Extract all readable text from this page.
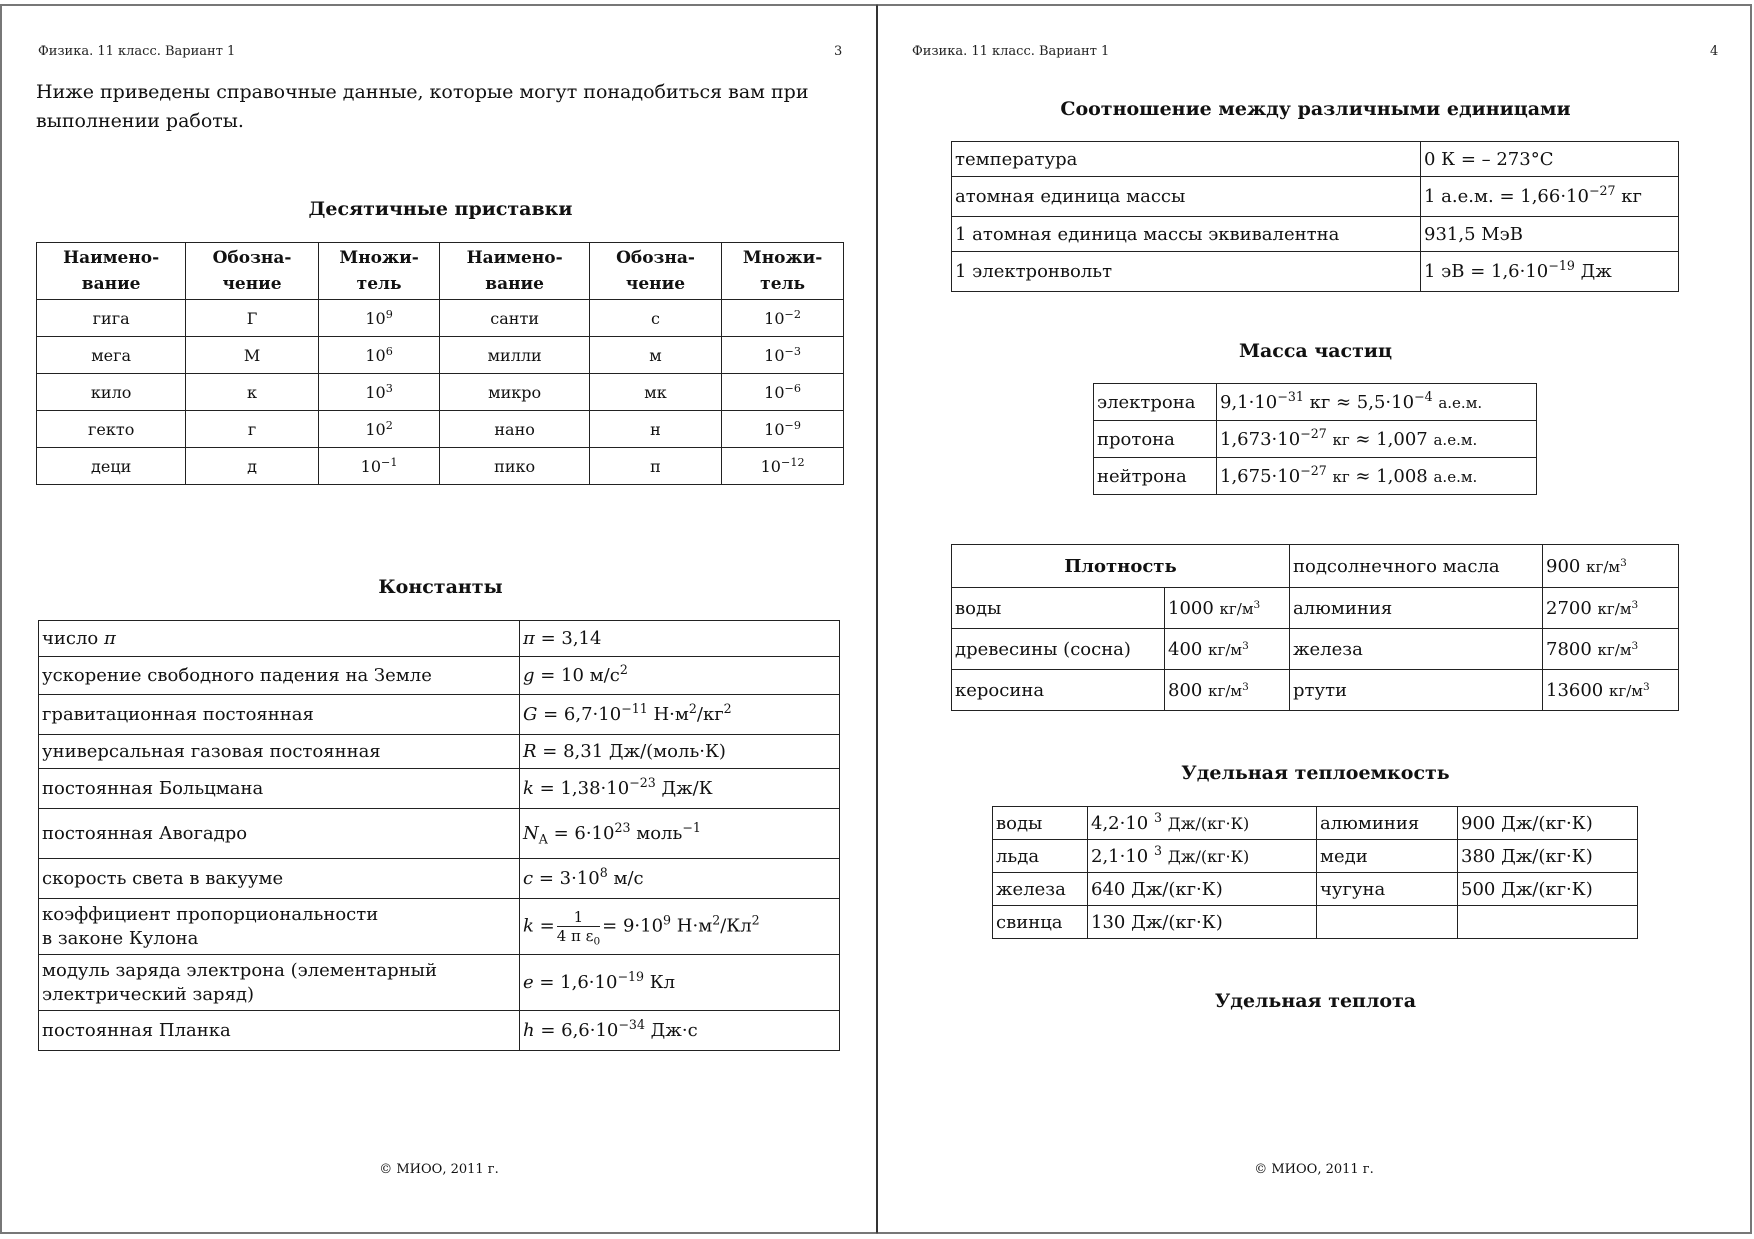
Физика. 11 класс. Вариант 1	3
Ниже приведены справочные данные, которые могут понадобиться вам при выполнении работы.
Десятичные приставки
Наимено-вание	Обозна-чение	Множи-тель	Наимено-вание	Обозна-чение	Множи-тель
гига	Г	$10^9$	санти	с	$10^{-2}$
мега	М	$10^6$	милли	м	$10^{-3}$
кило	к	$10^3$	микро	мк	$10^{-6}$
гекто	г	$10^2$	нано	н	$10^{-9}$
деци	д	$10^{-1}$	пико	п	$10^{-12}$
Константы
число π	π = 3,14
ускорение свободного падения на Земле	g = 10 $м/с^2$
гравитационная постоянная	$G = 6,7\cdot 10^{-11}$ $Н\cdot м^2/кг^2$
универсальная газовая постоянная	R = 8,31 Дж/(моль·К)
постоянная Больцмана	$k = 1,38\cdot 10^{-23}$ Дж/К
постоянная Авогадро	$N_A = 6\cdot 10^{23}$ моль$^{-1}$
скорость света в вакууме	$c = 3\cdot 10^8$ м/с
коэффициент пропорциональности
в законе Кулона	$k = \frac{1}{4 \pi \varepsilon_0} = 9\cdot 10^9$ $Н\cdot м^2/Кл^2$
модуль заряда электрона (элементарный
электрический заряд)	$e = 1,6\cdot 10^{-19}$ Кл
постоянная Планка	$h = 6,6\cdot 10^{-34}$ Дж·с
© МИОО, 2011 г.
Физика. 11 класс. Вариант 1	4
Соотношение между различными единицами
температура	0 К = – 273°С
атомная единица массы	1 а.е.м. = $1,66\cdot 10^{-27}$ кг
1 атомная единица массы эквивалентна	931,5 МэВ
1 электронвольт	1 эВ = $1,6\cdot 10^{-19}$ Дж
Масса частиц
электрона	$9,1\cdot 10^{-31}$ кг ≈ $5,5\cdot 10^{-4}$ а.е.м.
протона	$1,673\cdot 10^{-27}$ кг ≈ 1,007 а.е.м.
нейтрона	$1,675\cdot 10^{-27}$ кг ≈ 1,008 а.е.м.
Плотность		подсолнечного масла	900 $кг/м^3$
воды	1000 $кг/м^3$	алюминия	2700 $кг/м^3$
древесины (сосна)	400 $кг/м^3$	железа	7800 $кг/м^3$
керосина	800 $кг/м^3$	ртути	13600 $кг/м^3$
Удельная теплоемкость
воды	4,2·10 $^3$ Дж/(кг·К)	алюминия	900 Дж/(кг·К)
льда	2,1·10 $^3$ Дж/(кг·К)	меди	380 Дж/(кг·К)
железа	640 Дж/(кг·К)	чугуна	500 Дж/(кг·К)
свинца	130 Дж/(кг·К)		
Удельная теплота
© МИОО, 2011 г.
